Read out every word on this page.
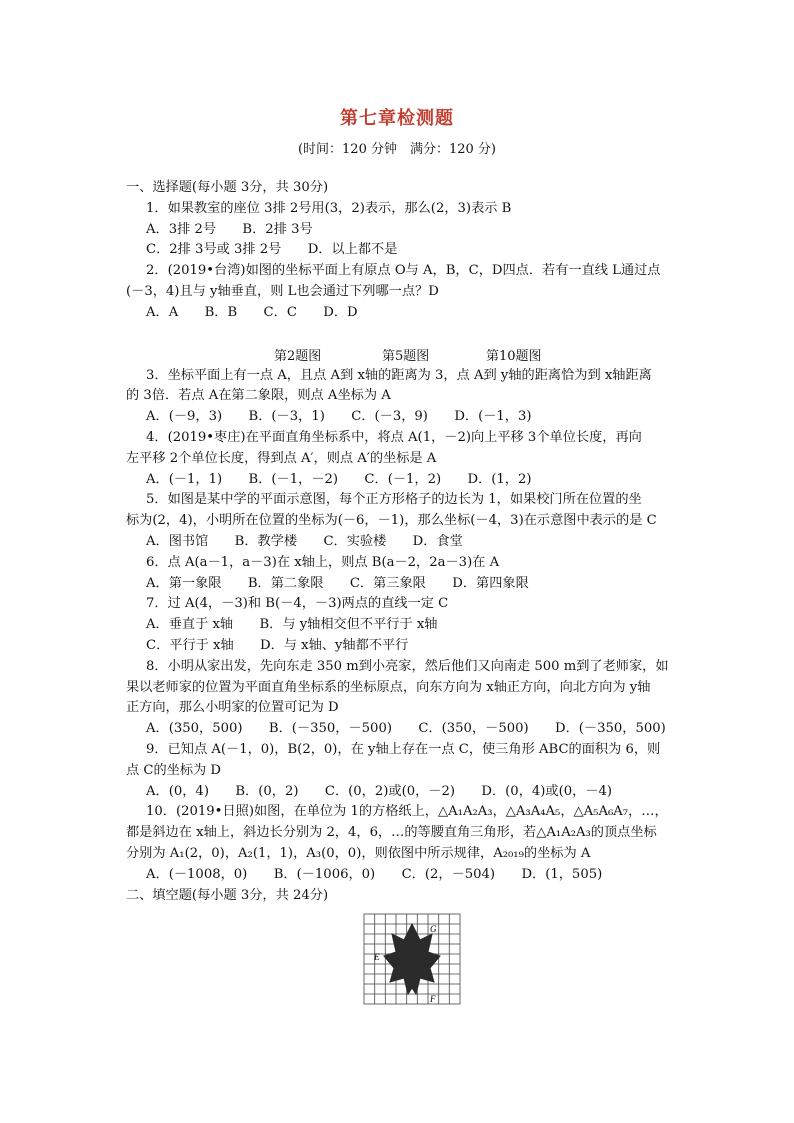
第七章检测题
(时间：120 分钟　满分：120 分)
一、选择题(每小题 3分，共 30分)
1．如果教室的座位 3排 2号用(3，2)表示，那么(2，3)表示 B
A．3排 2号　　B．2排 3号
C．2排 3号或 3排 2号　　D．以上都不是
2．(2019•台湾)如图的坐标平面上有原点 O与 A，B，C，D四点．若有一直线 L通过点
(－3，4)且与 y轴垂直，则 L也会通过下列哪一点？D
A．A　　B．B　　C．C　　D．D
3．坐标平面上有一点 A，且点 A到 x轴的距离为 3，点 A到 y轴的距离恰为到 x轴距离
的 3倍．若点 A在第二象限，则点 A坐标为 A
A．(－9，3)　　B．(－3，1)　　C．(－3，9)　　D．(－1，3)
4．(2019•枣庄)在平面直角坐标系中，将点 A(1，－2)向上平移 3个单位长度，再向
左平移 2个单位长度，得到点 A′，则点 A′的坐标是 A
A．(－1，1)　　B．(－1，－2)　　C．(－1，2)　　D．(1，2)
5．如图是某中学的平面示意图，每个正方形格子的边长为 1，如果校门所在位置的坐
标为(2，4)，小明所在位置的坐标为(－6，－1)，那么坐标(－4，3)在示意图中表示的是 C
A．图书馆　　B．教学楼　　C．实验楼　　D．食堂
6．点 A(a－1，a－3)在 x轴上，则点 B(a－2，2a－3)在 A
A．第一象限　　B．第二象限　　C．第三象限　　D．第四象限
7．过 A(4，－3)和 B(－4，－3)两点的直线一定 C
A．垂直于 x轴　　B．与 y轴相交但不平行于 x轴
C．平行于 x轴　　D．与 x轴、y轴都不平行
8．小明从家出发，先向东走 350 m到小亮家，然后他们又向南走 500 m到了老师家，如
果以老师家的位置为平面直角坐标系的坐标原点，向东方向为 x轴正方向，向北方向为 y轴
正方向，那么小明家的位置可记为 D
A．(350，500)　　B．(－350，－500)　　C．(350，－500)　　D．(－350，500)
9．已知点 A(－1，0)，B(2，0)，在 y轴上存在一点 C，使三角形 ABC的面积为 6，则
点 C的坐标为 D
A．(0，4)　　B．(0，2)　　C．(0，2)或(0，－2)　　D．(0，4)或(0，－4)
10．(2019•日照)如图，在单位为 1的方格纸上，△A₁A₂A₃，△A₃A₄A₅，△A₅A₆A₇，…，
都是斜边在 x轴上，斜边长分别为 2，4，6，…的等腰直角三角形，若△A₁A₂A₃的顶点坐标
分别为 A₁(2，0)，A₂(1，1)，A₃(0，0)，则依图中所示规律，A₂₀₁₉的坐标为 A
A．(－1008，0)　　B．(－1006，0)　　C．(2，－504)　　D．(1，505)
二、填空题(每小题 3分，共 24分)
第2题图	第5题图	第10题图
G
E
F
